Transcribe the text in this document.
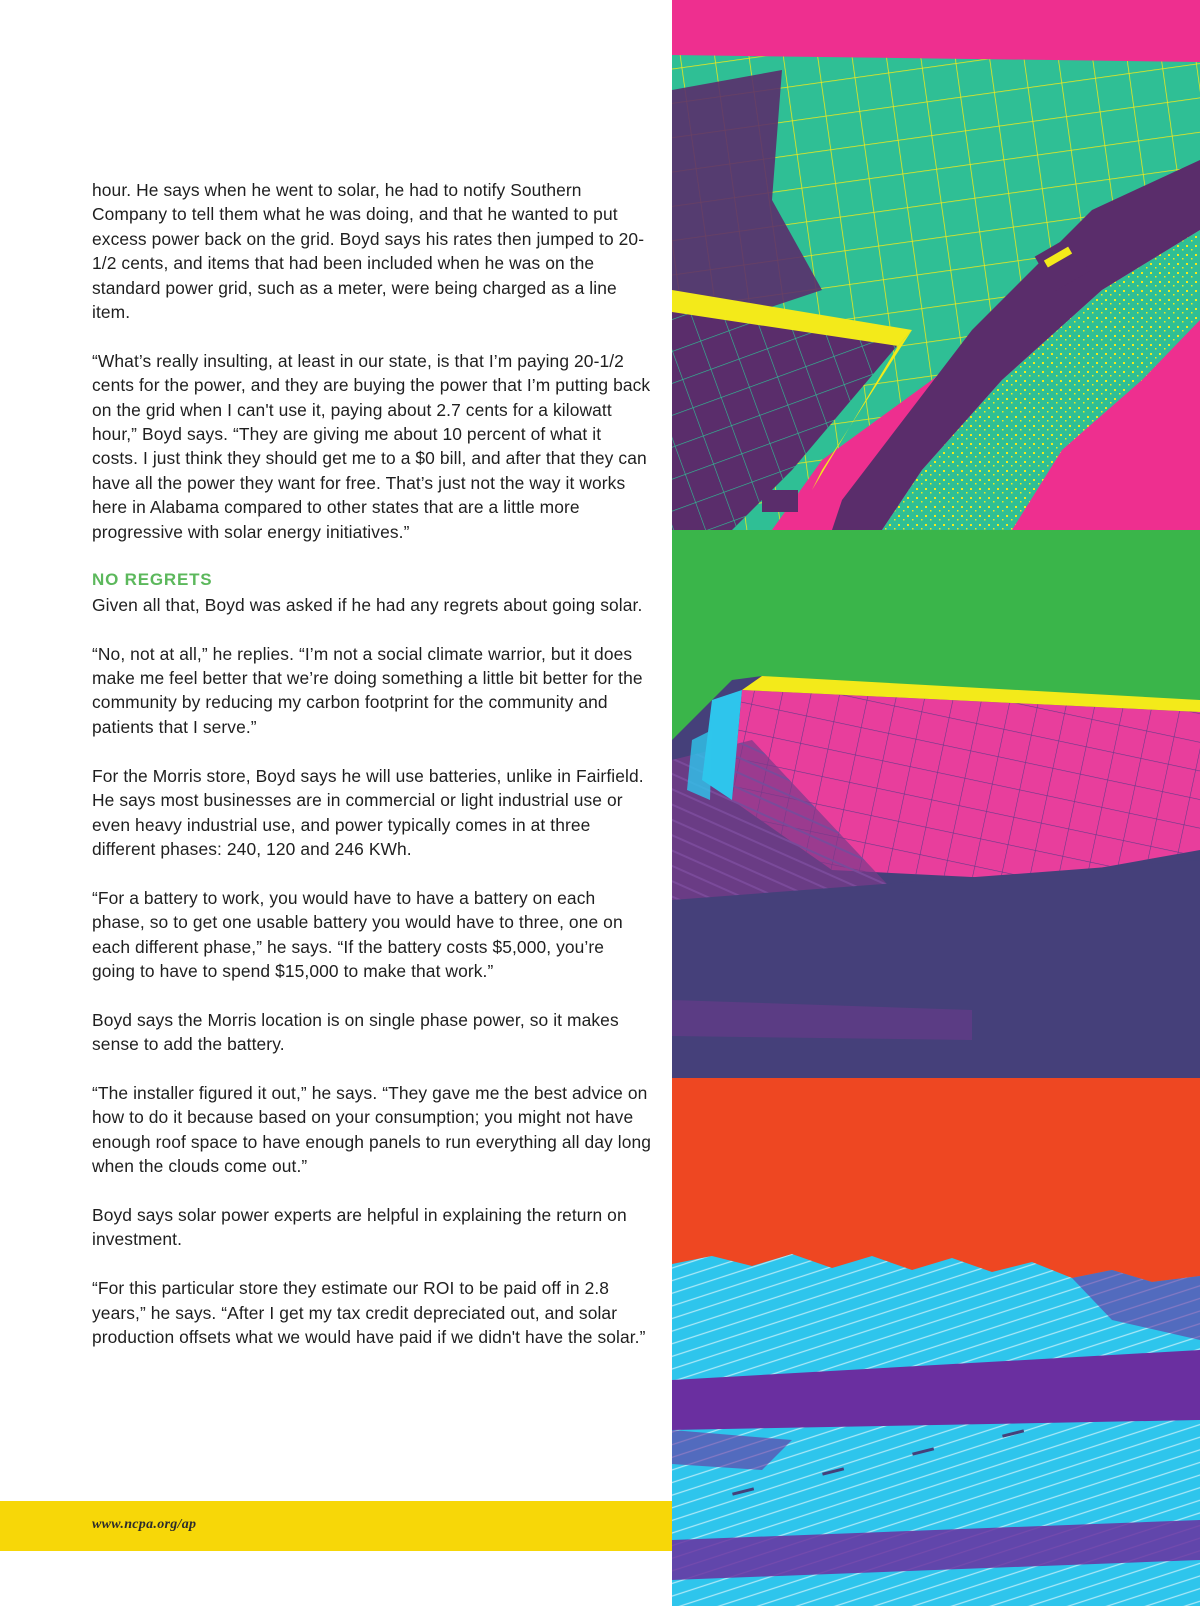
hour. He says when he went to solar, he had to notify Southern Company to tell them what he was doing, and that he wanted to put excess power back on the grid. Boyd says his rates then jumped to 20-1/2 cents, and items that had been included when he was on the standard power grid, such as a meter, were being charged as a line item.

“What’s really insulting, at least in our state, is that I’m paying 20-1/2 cents for the power, and they are buying the power that I’m putting back on the grid when I can't use it, paying about 2.7 cents for a kilowatt hour,” Boyd says. “They are giving me about 10 percent of what it costs. I just think they should get me to a $0 bill, and after that they can have all the power they want for free. That’s just not the way it works here in Alabama compared to other states that are a little more progressive with solar energy initiatives.”

NO REGRETS

Given all that, Boyd was asked if he had any regrets about going solar.

“No, not at all,” he replies. “I’m not a social climate warrior, but it does make me feel better that we’re doing something a little bit better for the community by reducing my carbon footprint for the community and patients that I serve.”

For the Morris store, Boyd says he will use batteries, unlike in Fairfield. He says most businesses are in commercial or light industrial use or even heavy industrial use, and power typically comes in at three different phases: 240, 120 and 246 KWh.

“For a battery to work, you would have to have a battery on each phase, so to get one usable battery you would have to three, one on each different phase,” he says. “If the battery costs $5,000, you’re going to have to spend $15,000 to make that work.”

Boyd says the Morris location is on single phase power, so it makes sense to add the battery.

“The installer figured it out,” he says. “They gave me the best advice on how to do it because based on your consumption; you might not have enough roof space to have enough panels to run everything all day long when the clouds come out.”

Boyd says solar power experts are helpful in explaining the return on investment.

“For this particular store they estimate our ROI to be paid off in 2.8 years,” he says. “After I get my tax credit depreciated out, and solar production offsets what we would have paid if we didn't have the solar.”

www.ncpa.org/ap
